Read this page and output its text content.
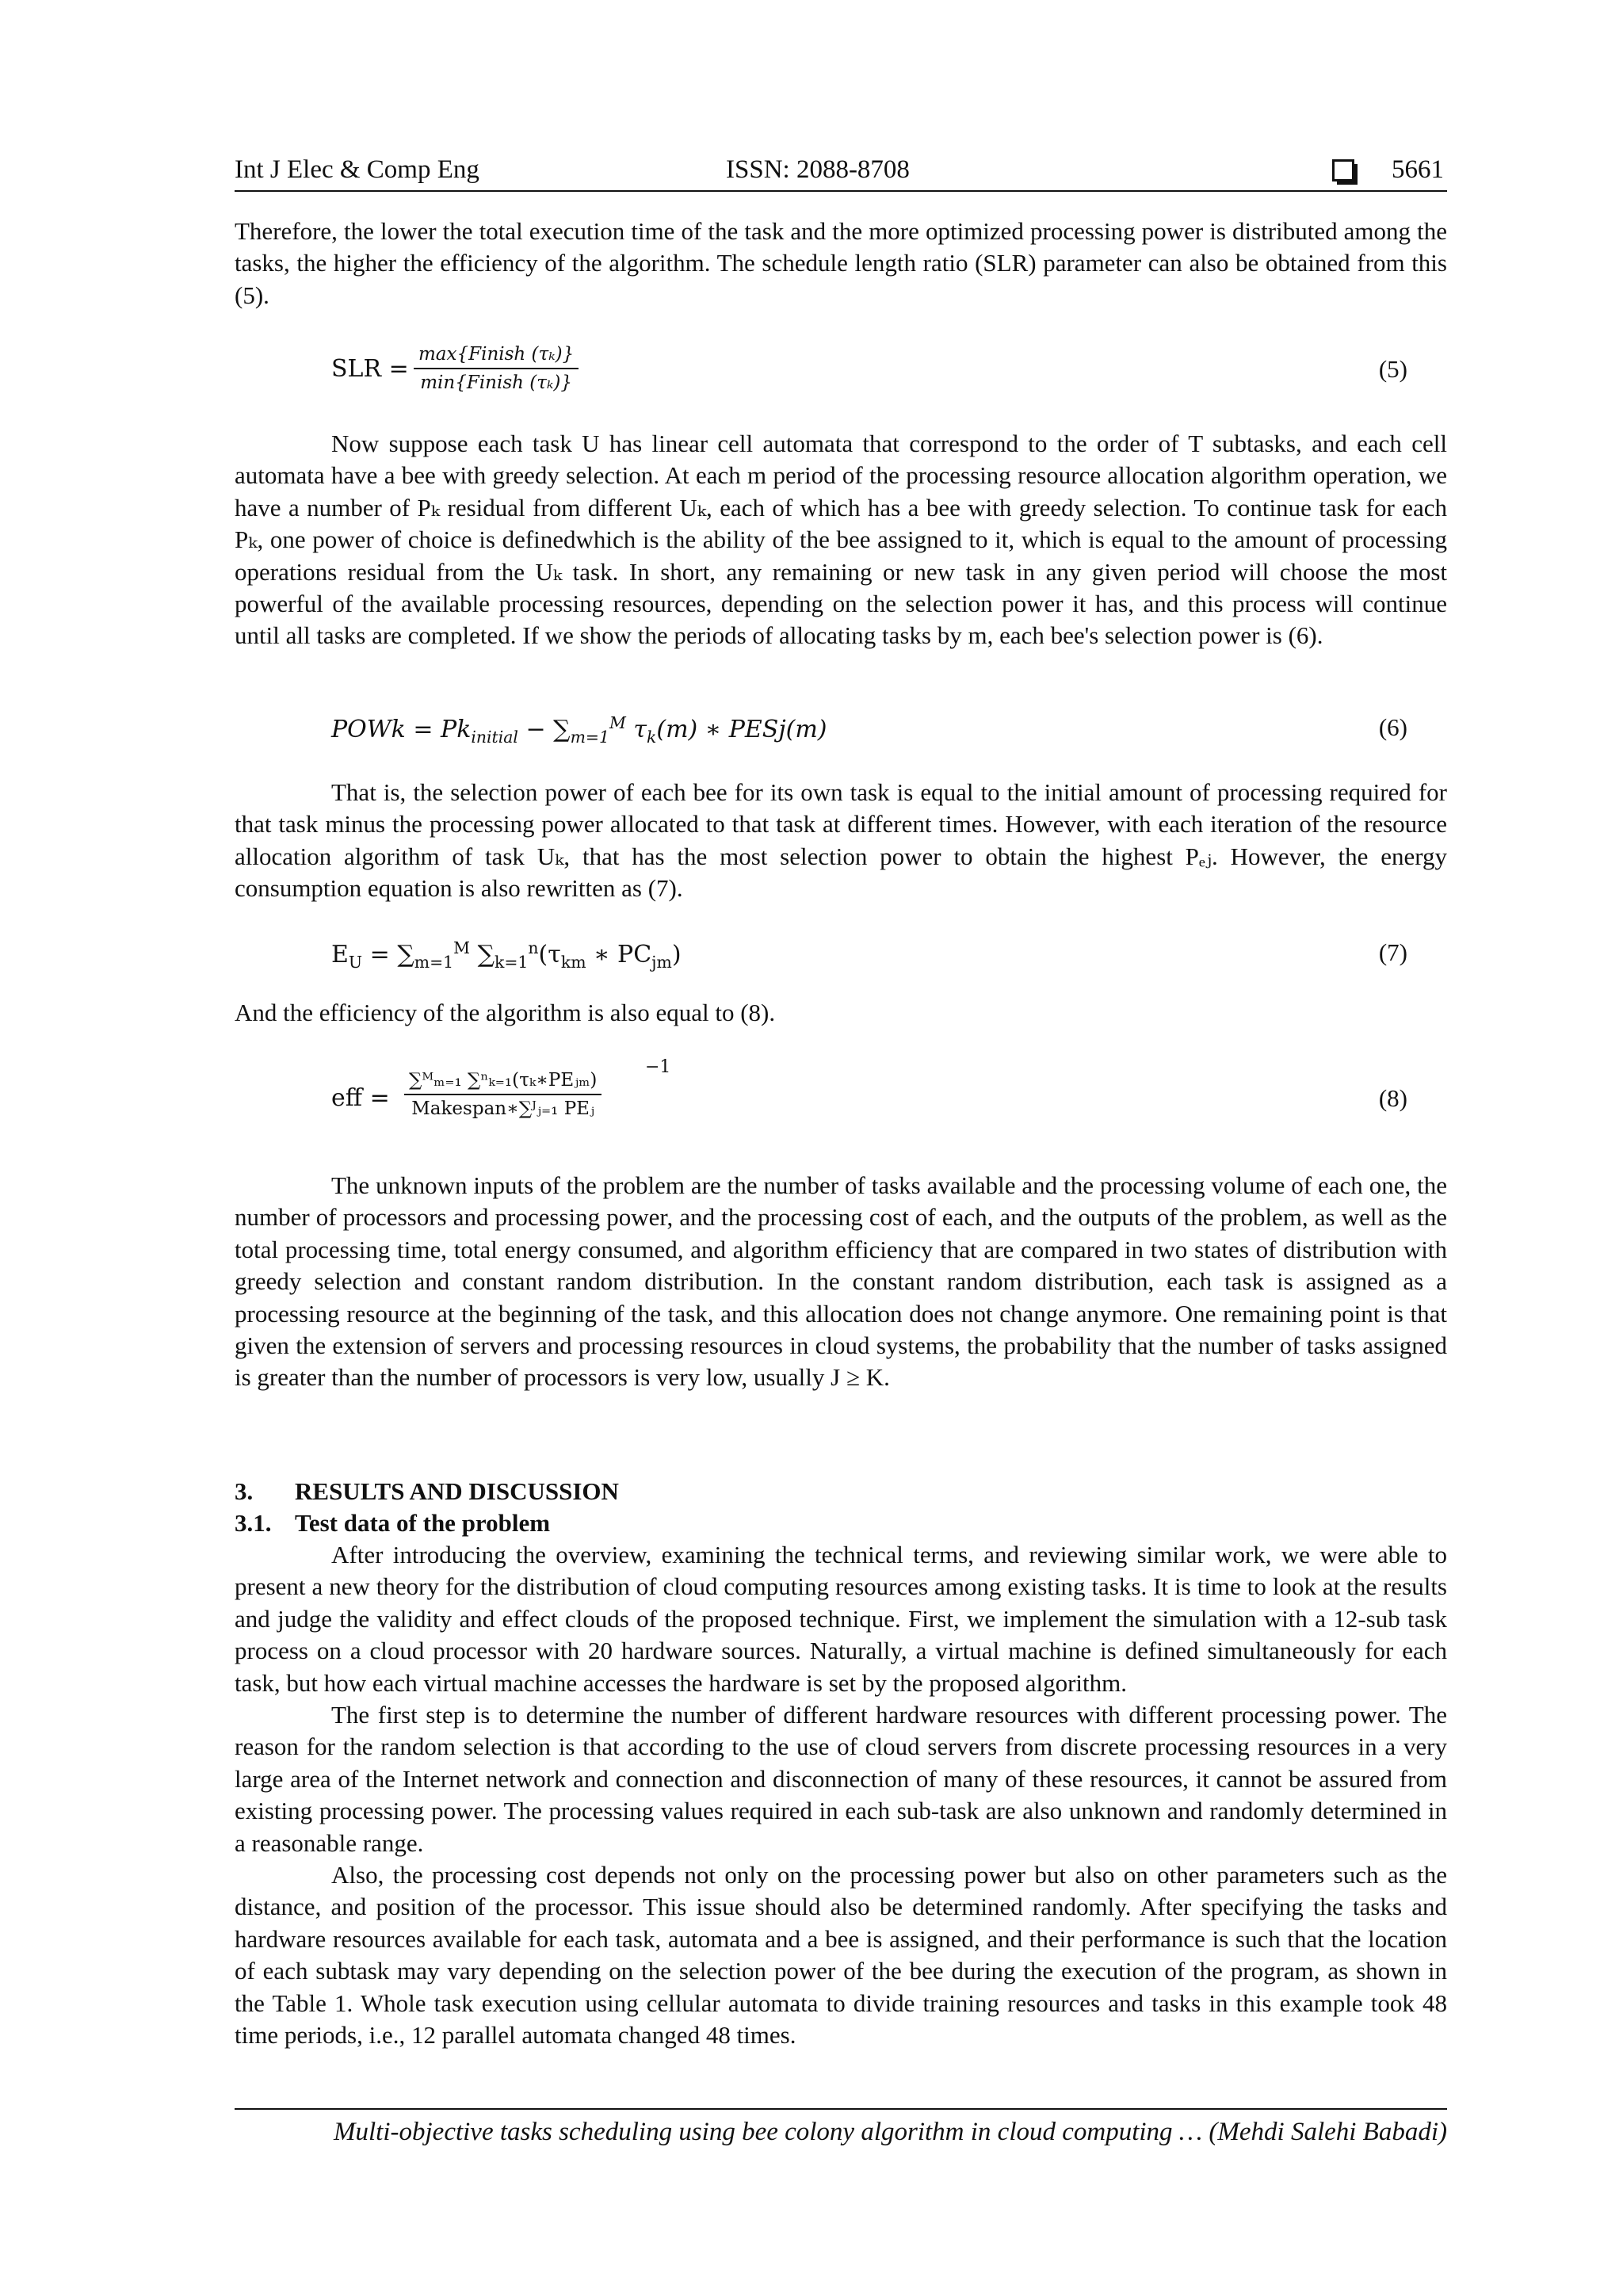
Int J Elec & Comp Eng	ISSN: 2088-8708	5661

Therefore, the lower the total execution time of the task and the more optimized processing power is distributed among the tasks, the higher the efficiency of the algorithm. The schedule length ratio (SLR) parameter can also be obtained from this (5).

SLR =
max{Finish (τₖ)}
min{Finish (τₖ)}	(5)

Now suppose each task U has linear cell automata that correspond to the order of T subtasks, and each cell automata have a bee with greedy selection. At each m period of the processing resource allocation algorithm operation, we have a number of Pₖ residual from different Uₖ, each of which has a bee with greedy selection. To continue task for each Pₖ, one power of choice is definedwhich is the ability of the bee assigned to it, which is equal to the amount of processing operations residual from the Uₖ task. In short, any remaining or new task in any given period will choose the most powerful of the available processing resources, depending on the selection power it has, and this process will continue until all tasks are completed. If we show the periods of allocating tasks by m, each bee's selection power is (6).

POWk = $Pk_{initial} - \sum_{m=1}^M$ $\tau_k(m)$ ∗ PESj(m)	(6)

That is, the selection power of each bee for its own task is equal to the initial amount of processing required for that task minus the processing power allocated to that task at different times. However, with each iteration of the resource allocation algorithm of task Uₖ, that has the most selection power to obtain the highest Pₑⱼ. However, the energy consumption equation is also rewritten as (7).

$E_U = \sum_{m=1}^M$ $\sum_{k=1}^n(\tau_{km}$ ∗ $PC_{jm}$)	(7)

And the efficiency of the algorithm is also equal to (8).

eff =
∑ᴹₘ₌₁ ∑ⁿₖ₌₁(τₖ∗PEⱼₘ)
Makespan∗∑ᴶⱼ₌₁ PEⱼ
−1
(8)

The unknown inputs of the problem are the number of tasks available and the processing volume of each one, the number of processors and processing power, and the processing cost of each, and the outputs of the problem, as well as the total processing time, total energy consumed, and algorithm efficiency that are compared in two states of distribution with greedy selection and constant random distribution. In the constant random distribution, each task is assigned as a processing resource at the beginning of the task, and this allocation does not change anymore. One remaining point is that given the extension of servers and processing resources in cloud systems, the probability that the number of tasks assigned is greater than the number of processors is very low, usually J ≥ K.

3. RESULTS AND DISCUSSION
3.1. Test data of the problem

After introducing the overview, examining the technical terms, and reviewing similar work, we were able to present a new theory for the distribution of cloud computing resources among existing tasks. It is time to look at the results and judge the validity and effect clouds of the proposed technique. First, we implement the simulation with a 12-sub task process on a cloud processor with 20 hardware sources. Naturally, a virtual machine is defined simultaneously for each task, but how each virtual machine accesses the hardware is set by the proposed algorithm.

The first step is to determine the number of different hardware resources with different processing power. The reason for the random selection is that according to the use of cloud servers from discrete processing resources in a very large area of the Internet network and connection and disconnection of many of these resources, it cannot be assured from existing processing power. The processing values required in each sub-task are also unknown and randomly determined in a reasonable range.

Also, the processing cost depends not only on the processing power but also on other parameters such as the distance, and position of the processor. This issue should also be determined randomly. After specifying the tasks and hardware resources available for each task, automata and a bee is assigned, and their performance is such that the location of each subtask may vary depending on the selection power of the bee during the execution of the program, as shown in the Table 1. Whole task execution using cellular automata to divide training resources and tasks in this example took 48 time periods, i.e., 12 parallel automata changed 48 times.

Multi-objective tasks scheduling using bee colony algorithm in cloud computing … (Mehdi Salehi Babadi)
